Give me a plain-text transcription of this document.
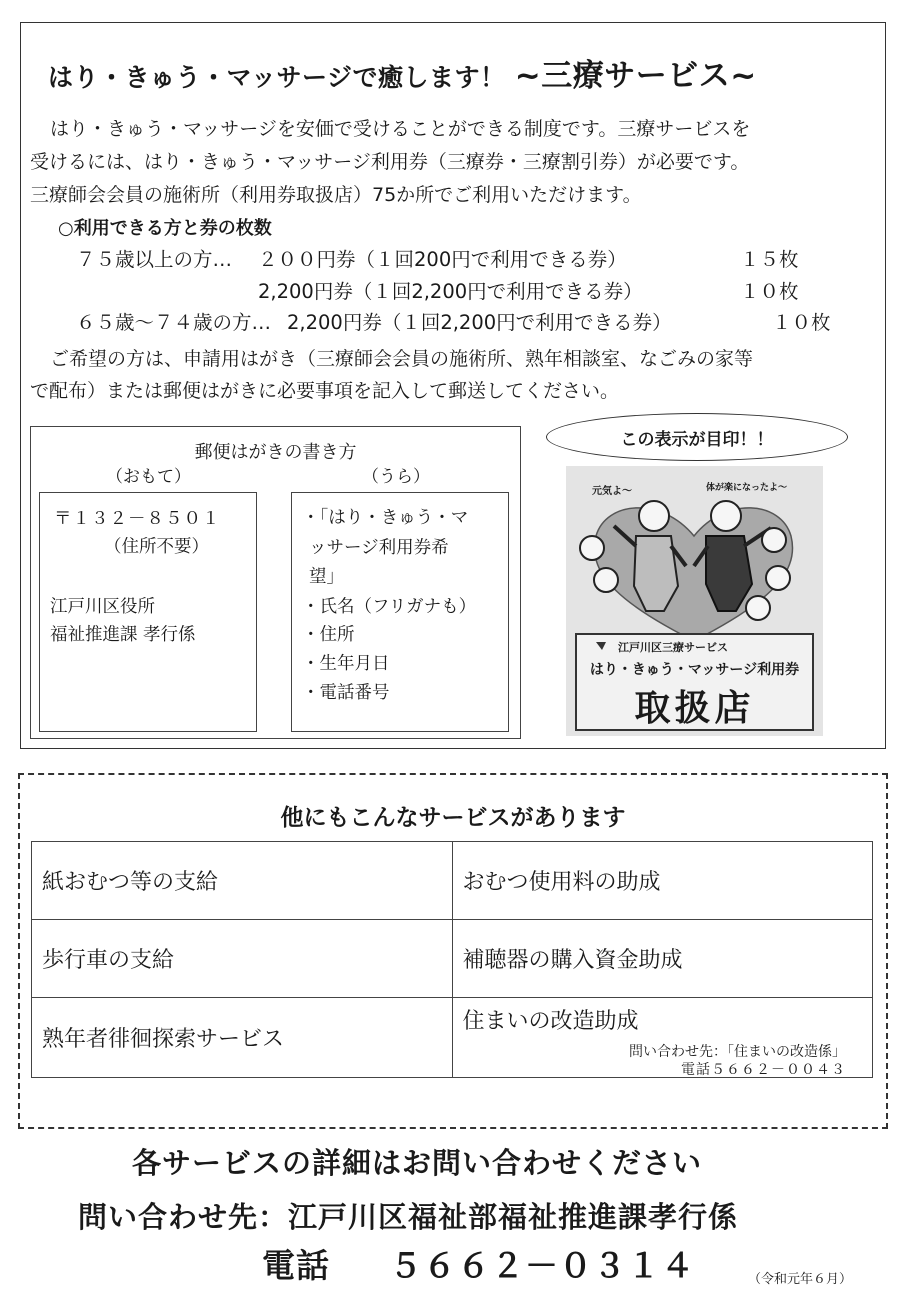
はり・きゅう・マッサージで癒します！ ~三療サービス~
はり・きゅう・マッサージを安価で受けることができる制度です。三療サービスを
受けるには、はり・きゅう・マッサージ利用券（三療券・三療割引券）が必要です。
三療師会会員の施術所（利用券取扱店）75か所でご利用いただけます。
○利用できる方と券の枚数
７５歳以上の方… ２００円券（１回200円で利用できる券）	１５枚
2,200円券（１回2,200円で利用できる券）	１０枚
６５歳～７４歳の方… 2,200円券（１回2,200円で利用できる券）	１０枚
ご希望の方は、申請用はがき（三療師会会員の施術所、熟年相談室、なごみの家等
で配布）または郵便はがきに必要事項を記入して郵送してください。
郵便はがきの書き方
（おもて）	（うら）
〒１３２－８５０１
（住所不要）
江戸川区役所
福祉推進課 孝行係
・「はり・きゅう・マ
ッサージ利用券希
望」
・氏名（フリガナも）
・住所
・生年月日
・電話番号
この表示が目印！！
元気よ～	体が楽になったよ～
江戸川区三療サービス
はり・きゅう・マッサージ利用券
取扱店
他にもこんなサービスがあります
紙おむつ等の支給	おむつ使用料の助成
歩行車の支給	補聴器の購入資金助成
熟年者徘徊探索サービス	住まいの改造助成
問い合わせ先：「住まいの改造係」
電話５６６２－００４３
各サービスの詳細はお問い合わせください
問い合わせ先：江戸川区福祉部福祉推進課孝行係
電話 ５６６２－０３１４	（令和元年６月）
